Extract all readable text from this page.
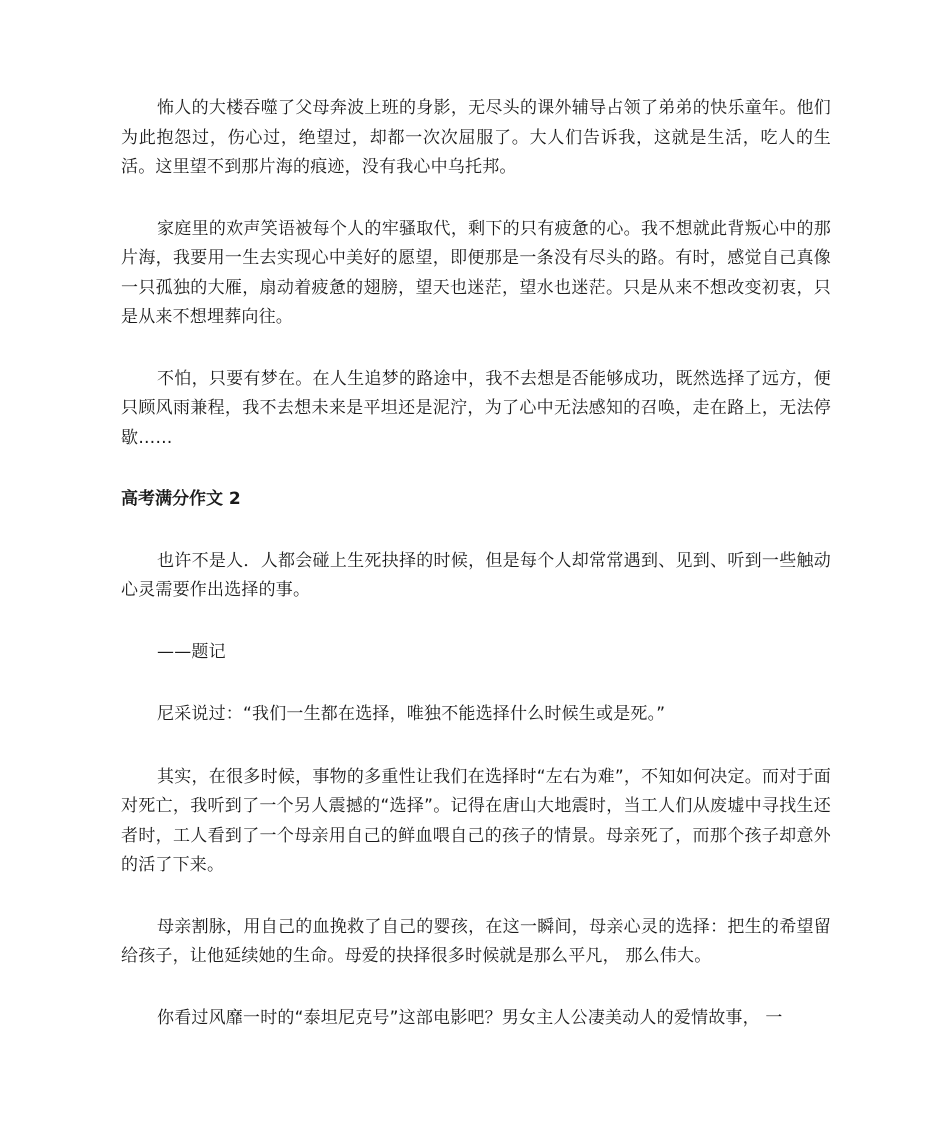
怖人的大楼吞噬了父母奔波上班的身影，无尽头的课外辅导占领了弟弟的快乐童年。他们为此抱怨过，伤心过，绝望过，却都一次次屈服了。大人们告诉我，这就是生活，吃人的生活。这里望不到那片海的痕迹，没有我心中乌托邦。

家庭里的欢声笑语被每个人的牢骚取代，剩下的只有疲惫的心。我不想就此背叛心中的那片海，我要用一生去实现心中美好的愿望，即便那是一条没有尽头的路。有时，感觉自己真像一只孤独的大雁，扇动着疲惫的翅膀，望天也迷茫，望水也迷茫。只是从来不想改变初衷，只是从来不想埋葬向往。

不怕，只要有梦在。在人生追梦的路途中，我不去想是否能够成功，既然选择了远方，便只顾风雨兼程，我不去想未来是平坦还是泥泞，为了心中无法感知的召唤，走在路上，无法停歇……

高考满分作文 2

也许不是人．人都会碰上生死抉择的时候，但是每个人却常常遇到、见到、听到一些触动心灵需要作出选择的事。

——题记

尼采说过：“我们一生都在选择，唯独不能选择什么时候生或是死。”

其实，在很多时候，事物的多重性让我们在选择时“左右为难”，不知如何决定。而对于面对死亡，我听到了一个另人震撼的“选择”。记得在唐山大地震时，当工人们从废墟中寻找生还者时，工人看到了一个母亲用自己的鲜血喂自己的孩子的情景。母亲死了，而那个孩子却意外的活了下来。

母亲割脉，用自己的血挽救了自己的婴孩，在这一瞬间，母亲心灵的选择：把生的希望留给孩子，让他延续她的生命。母爱的抉择很多时候就是那么平凡， 那么伟大。

你看过风靡一时的“泰坦尼克号”这部电影吧？男女主人公凄美动人的爱情故事， 一
